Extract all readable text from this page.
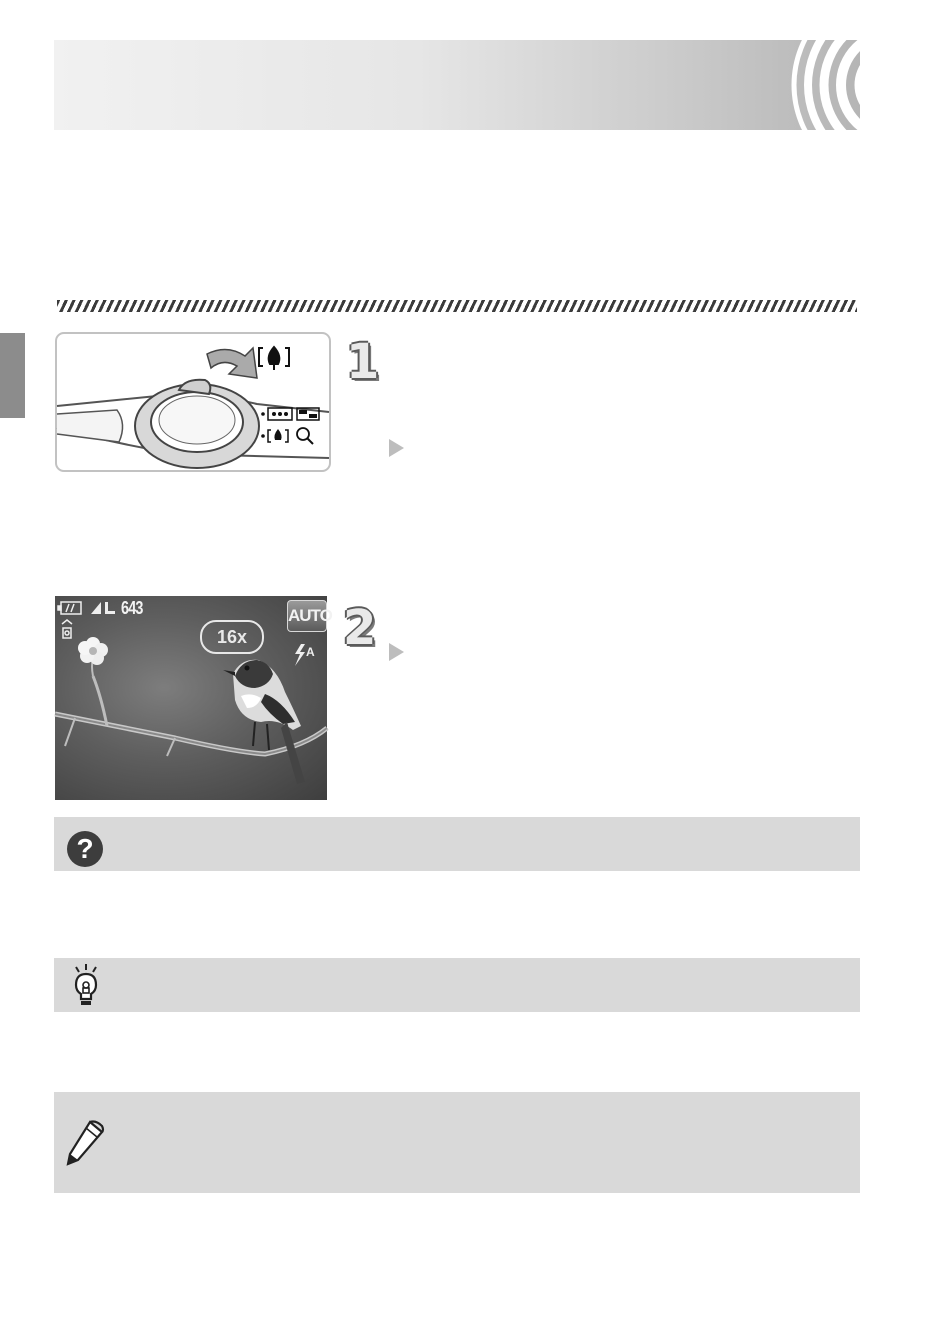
1
A
643
16x
AUTO 2
?
